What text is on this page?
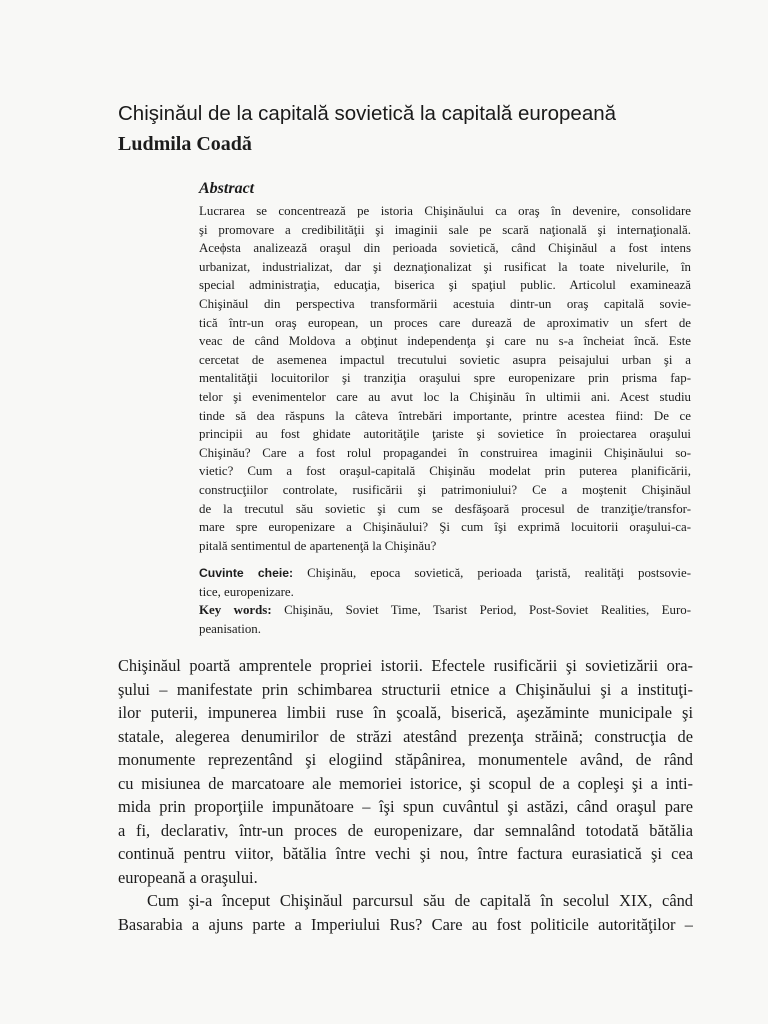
Chişinăul de la capitală sovietică la capitală europeană
Ludmila Coadă
Abstract
Lucrarea se concentrează pe istoria Chişinăului ca oraş în devenire, consolidare
şi promovare a credibilităţii şi imaginii sale pe scară naţională şi internaţională.
Aceϕsta analizează oraşul din perioada sovietică, când Chişinăul a fost intens
urbanizat, industrializat, dar şi deznaţionalizat şi rusificat la toate nivelurile, în
special administraţia, educaţia, biserica şi spaţiul public. Articolul examinează
Chişinăul din perspectiva transformării acestuia dintr-un oraş capitală sovie-
tică într-un oraş european, un proces care durează de aproximativ un sfert de
veac de când Moldova a obţinut independenţa şi care nu s-a încheiat încă. Este
cercetat de asemenea impactul trecutului sovietic asupra peisajului urban şi a
mentalităţii locuitorilor şi tranziţia oraşului spre europenizare prin prisma fap-
telor şi evenimentelor care au avut loc la Chişinău în ultimii ani. Acest studiu
tinde să dea răspuns la câteva întrebări importante, printre acestea fiind: De ce
principii au fost ghidate autorităţile ţariste şi sovietice în proiectarea oraşului
Chişinău? Care a fost rolul propagandei în construirea imaginii Chişinăului so-
vietic? Cum a fost oraşul-capitală Chişinău modelat prin puterea planificării,
construcţiilor controlate, rusificării şi patrimoniului? Ce a moştenit Chişinăul
de la trecutul său sovietic şi cum se desfăşoară procesul de tranziţie/transfor-
mare spre europenizare a Chişinăului? Şi cum îşi exprimă locuitorii oraşului-ca-
pitală sentimentul de apartenenţă la Chişinău?
Cuvinte cheie: Chişinău, epoca sovietică, perioada ţaristă, realităţi postsovie-
tice, europenizare.
Key words: Chişinău, Soviet Time, Tsarist Period, Post-Soviet Realities, Euro-
peanisation.
Chişinăul poartă amprentele propriei istorii. Efectele rusificării şi sovietizării ora-
şului – manifestate prin schimbarea structurii etnice a Chişinăului şi a instituţi-
ilor puterii, impunerea limbii ruse în şcoală, biserică, aşezăminte municipale şi
statale, alegerea denumirilor de străzi atestând prezenţa străină; construcţia de
monumente reprezentând şi elogiind stăpânirea, monumentele având, de rând
cu misiunea de marcatoare ale memoriei istorice, şi scopul de a copleşi şi a inti-
mida prin proporţiile impunătoare – îşi spun cuvântul şi astăzi, când oraşul pare
a fi, declarativ, într-un proces de europenizare, dar semnalând totodată bătălia
continuă pentru viitor, bătălia între vechi şi nou, între factura eurasiatică şi cea
europeană a oraşului.
Cum şi-a început Chişinăul parcursul său de capitală în secolul XIX, când
Basarabia a ajuns parte a Imperiului Rus? Care au fost politicile autorităţilor –
